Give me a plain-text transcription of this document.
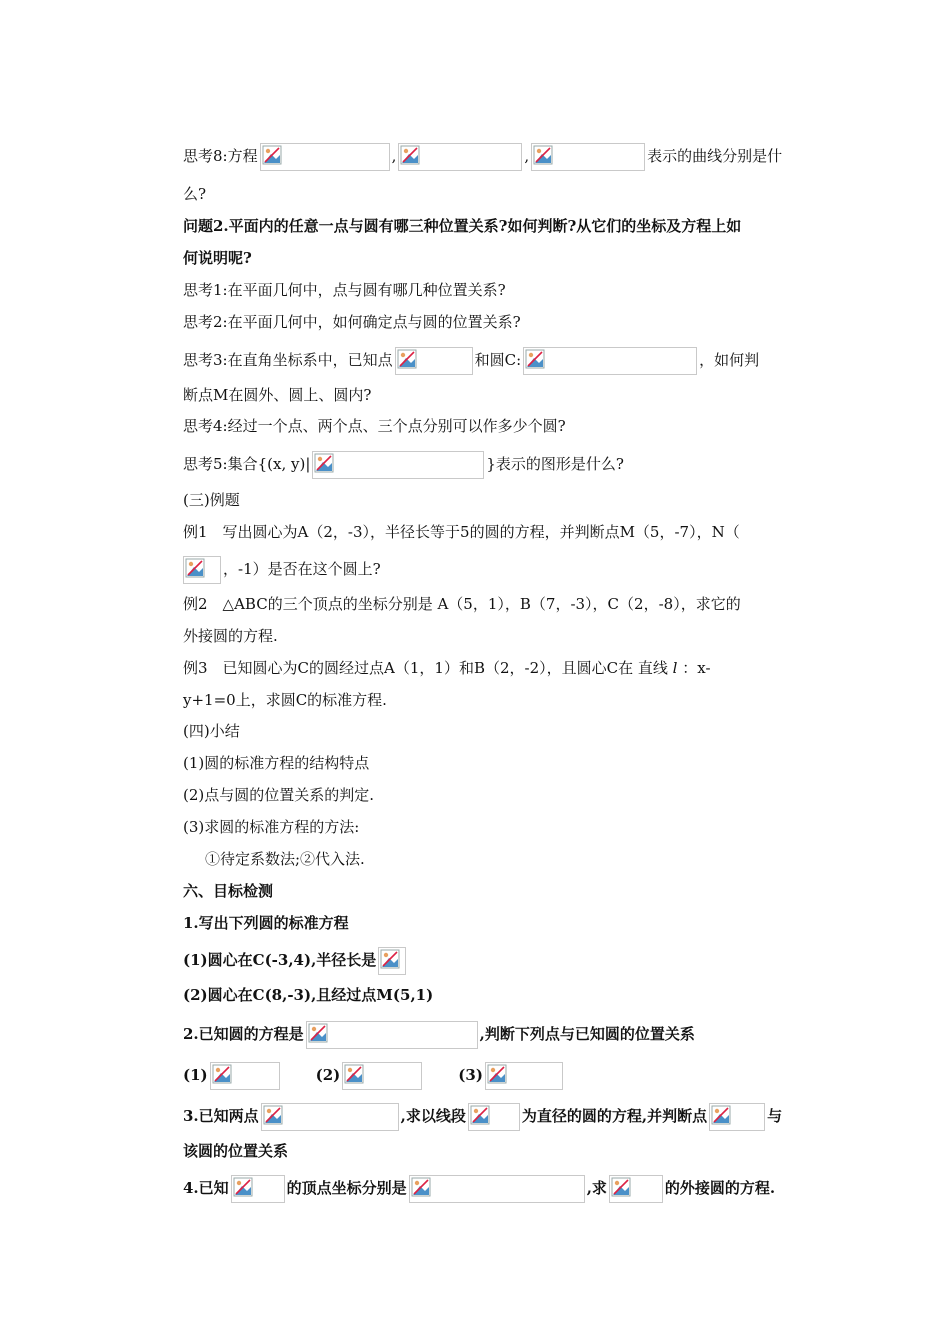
思考8:方程	,	,	表示的曲线分别是什
么?
问题2.平面内的任意一点与圆有哪三种位置关系?如何判断?从它们的坐标及方程上如
何说明呢?
思考1:在平面几何中，点与圆有哪几种位置关系?
思考2:在平面几何中，如何确定点与圆的位置关系?
思考3:在直角坐标系中，已知点	和圆C:	，如何判
断点M在圆外、圆上、圆内?
思考4:经过一个点、两个点、三个点分别可以作多少个圆?
思考5:集合{(x, y)|	}表示的图形是什么?
(三)例题
例1　写出圆心为A（2，-3），半径长等于5的圆的方程，并判断点M（5，-7），N（
，-1）是否在这个圆上?
例2　△ABC的三个顶点的坐标分别是 A（5，1），B（7，-3），C（2，-8），求它的
外接圆的方程.
例3　已知圆心为C的圆经过点A（1，1）和B（2，-2），且圆心C在 直线 l ：x-
y+1=0上，求圆C的标准方程.
(四)小结
(1)圆的标准方程的结构特点
(2)点与圆的位置关系的判定.
(3)求圆的标准方程的方法:
①待定系数法;②代入法.
六、目标检测
1.写出下列圆的标准方程
(1)圆心在C(-3,4),半径长是
(2)圆心在C(8,-3),且经过点M(5,1)
2.已知圆的方程是	,判断下列点与已知圆的位置关系
(1)	(2)	(3)
3.已知两点	,求以线段	为直径的圆的方程,并判断点	与
该圆的位置关系
4.已知	的顶点坐标分别是	,求	的外接圆的方程.
